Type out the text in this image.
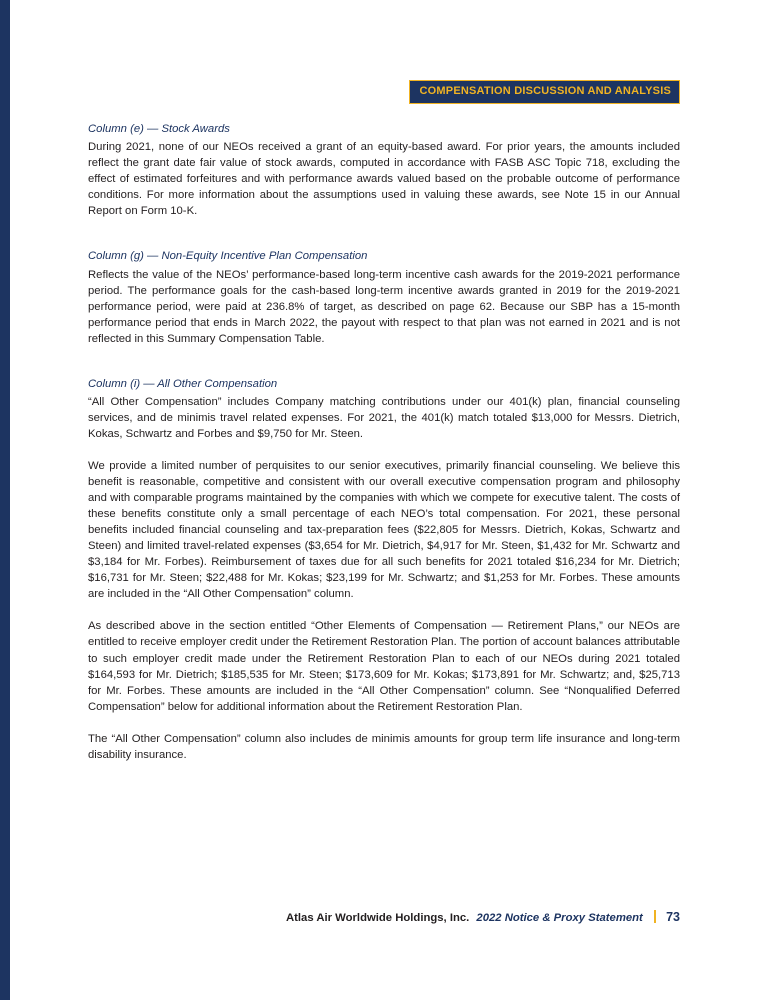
COMPENSATION DISCUSSION AND ANALYSIS
Column (e) — Stock Awards

During 2021, none of our NEOs received a grant of an equity-based award. For prior years, the amounts included reflect the grant date fair value of stock awards, computed in accordance with FASB ASC Topic 718, excluding the effect of estimated forfeitures and with performance awards valued based on the probable outcome of performance conditions. For more information about the assumptions used in valuing these awards, see Note 15 in our Annual Report on Form 10-K.

Column (g) — Non-Equity Incentive Plan Compensation

Reflects the value of the NEOs’ performance-based long-term incentive cash awards for the 2019-2021 performance period. The performance goals for the cash-based long-term incentive awards granted in 2019 for the 2019-2021 performance period, were paid at 236.8% of target, as described on page 62. Because our SBP has a 15-month performance period that ends in March 2022, the payout with respect to that plan was not earned in 2021 and is not reflected in this Summary Compensation Table.

Column (i) — All Other Compensation

“All Other Compensation” includes Company matching contributions under our 401(k) plan, financial counseling services, and de minimis travel related expenses. For 2021, the 401(k) match totaled $13,000 for Messrs. Dietrich, Kokas, Schwartz and Forbes and $9,750 for Mr. Steen.

We provide a limited number of perquisites to our senior executives, primarily financial counseling. We believe this benefit is reasonable, competitive and consistent with our overall executive compensation program and philosophy and with comparable programs maintained by the companies with which we compete for executive talent. The costs of these benefits constitute only a small percentage of each NEO’s total compensation. For 2021, these personal benefits included financial counseling and tax-preparation fees ($22,805 for Messrs. Dietrich, Kokas, Schwartz and Steen) and limited travel-related expenses ($3,654 for Mr. Dietrich, $4,917 for Mr. Steen, $1,432 for Mr. Schwartz and $3,184 for Mr. Forbes). Reimbursement of taxes due for all such benefits for 2021 totaled $16,234 for Mr. Dietrich; $16,731 for Mr. Steen; $22,488 for Mr. Kokas; $23,199 for Mr. Schwartz; and $1,253 for Mr. Forbes. These amounts are included in the “All Other Compensation” column.

As described above in the section entitled “Other Elements of Compensation — Retirement Plans,” our NEOs are entitled to receive employer credit under the Retirement Restoration Plan. The portion of account balances attributable to such employer credit made under the Retirement Restoration Plan to each of our NEOs during 2021 totaled $164,593 for Mr. Dietrich; $185,535 for Mr. Steen; $173,609 for Mr. Kokas; $173,891 for Mr. Schwartz; and, $25,713 for Mr. Forbes. These amounts are included in the “All Other Compensation” column. See “Nonqualified Deferred Compensation” below for additional information about the Retirement Restoration Plan.

The “All Other Compensation” column also includes de minimis amounts for group term life insurance and long-term disability insurance.

Atlas Air Worldwide Holdings, Inc. 2022 Notice & Proxy Statement 73
